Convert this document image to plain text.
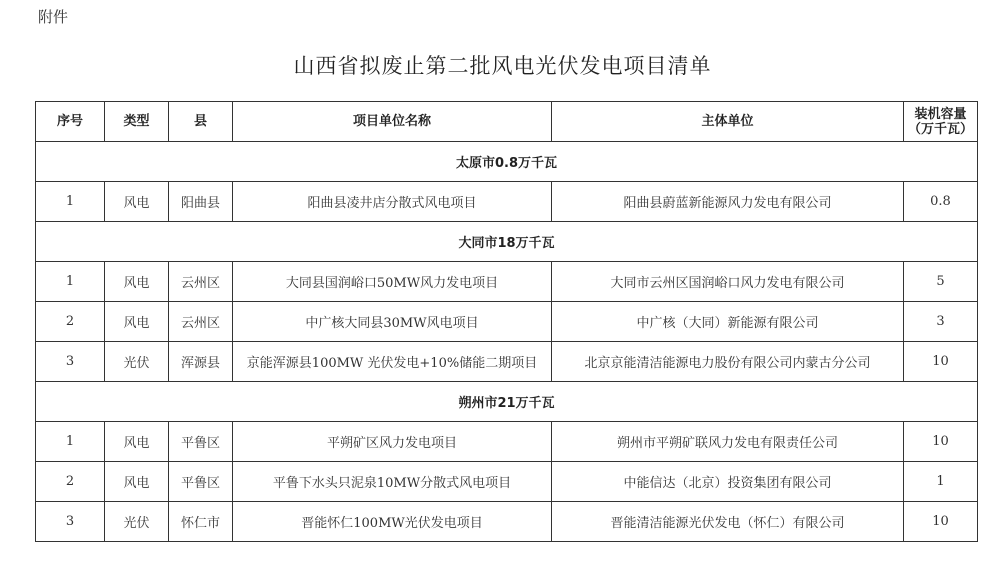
附件
山西省拟废止第二批风电光伏发电项目清单
序号	类型	县	项目单位名称	主体单位	装机容量
（万千瓦）
太原市0.8万千瓦					
1	风电	阳曲县	阳曲县凌井店分散式风电项目	阳曲县蔚蓝新能源风力发电有限公司	0.8
大同市18万千瓦					
1	风电	云州区	大同县国润峪口50MW风力发电项目	大同市云州区国润峪口风力发电有限公司	5
2	风电	云州区	中广核大同县30MW风电项目	中广核（大同）新能源有限公司	3
3	光伏	浑源县	京能浑源县100MW 光伏发电+10%储能二期项目	北京京能清洁能源电力股份有限公司内蒙古分公司	10
朔州市21万千瓦					
1	风电	平鲁区	平朔矿区风力发电项目	朔州市平朔矿联风力发电有限责任公司	10
2	风电	平鲁区	平鲁下水头只泥泉10MW分散式风电项目	中能信达（北京）投资集团有限公司	1
3	光伏	怀仁市	晋能怀仁100MW光伏发电项目	晋能清洁能源光伏发电（怀仁）有限公司	10
